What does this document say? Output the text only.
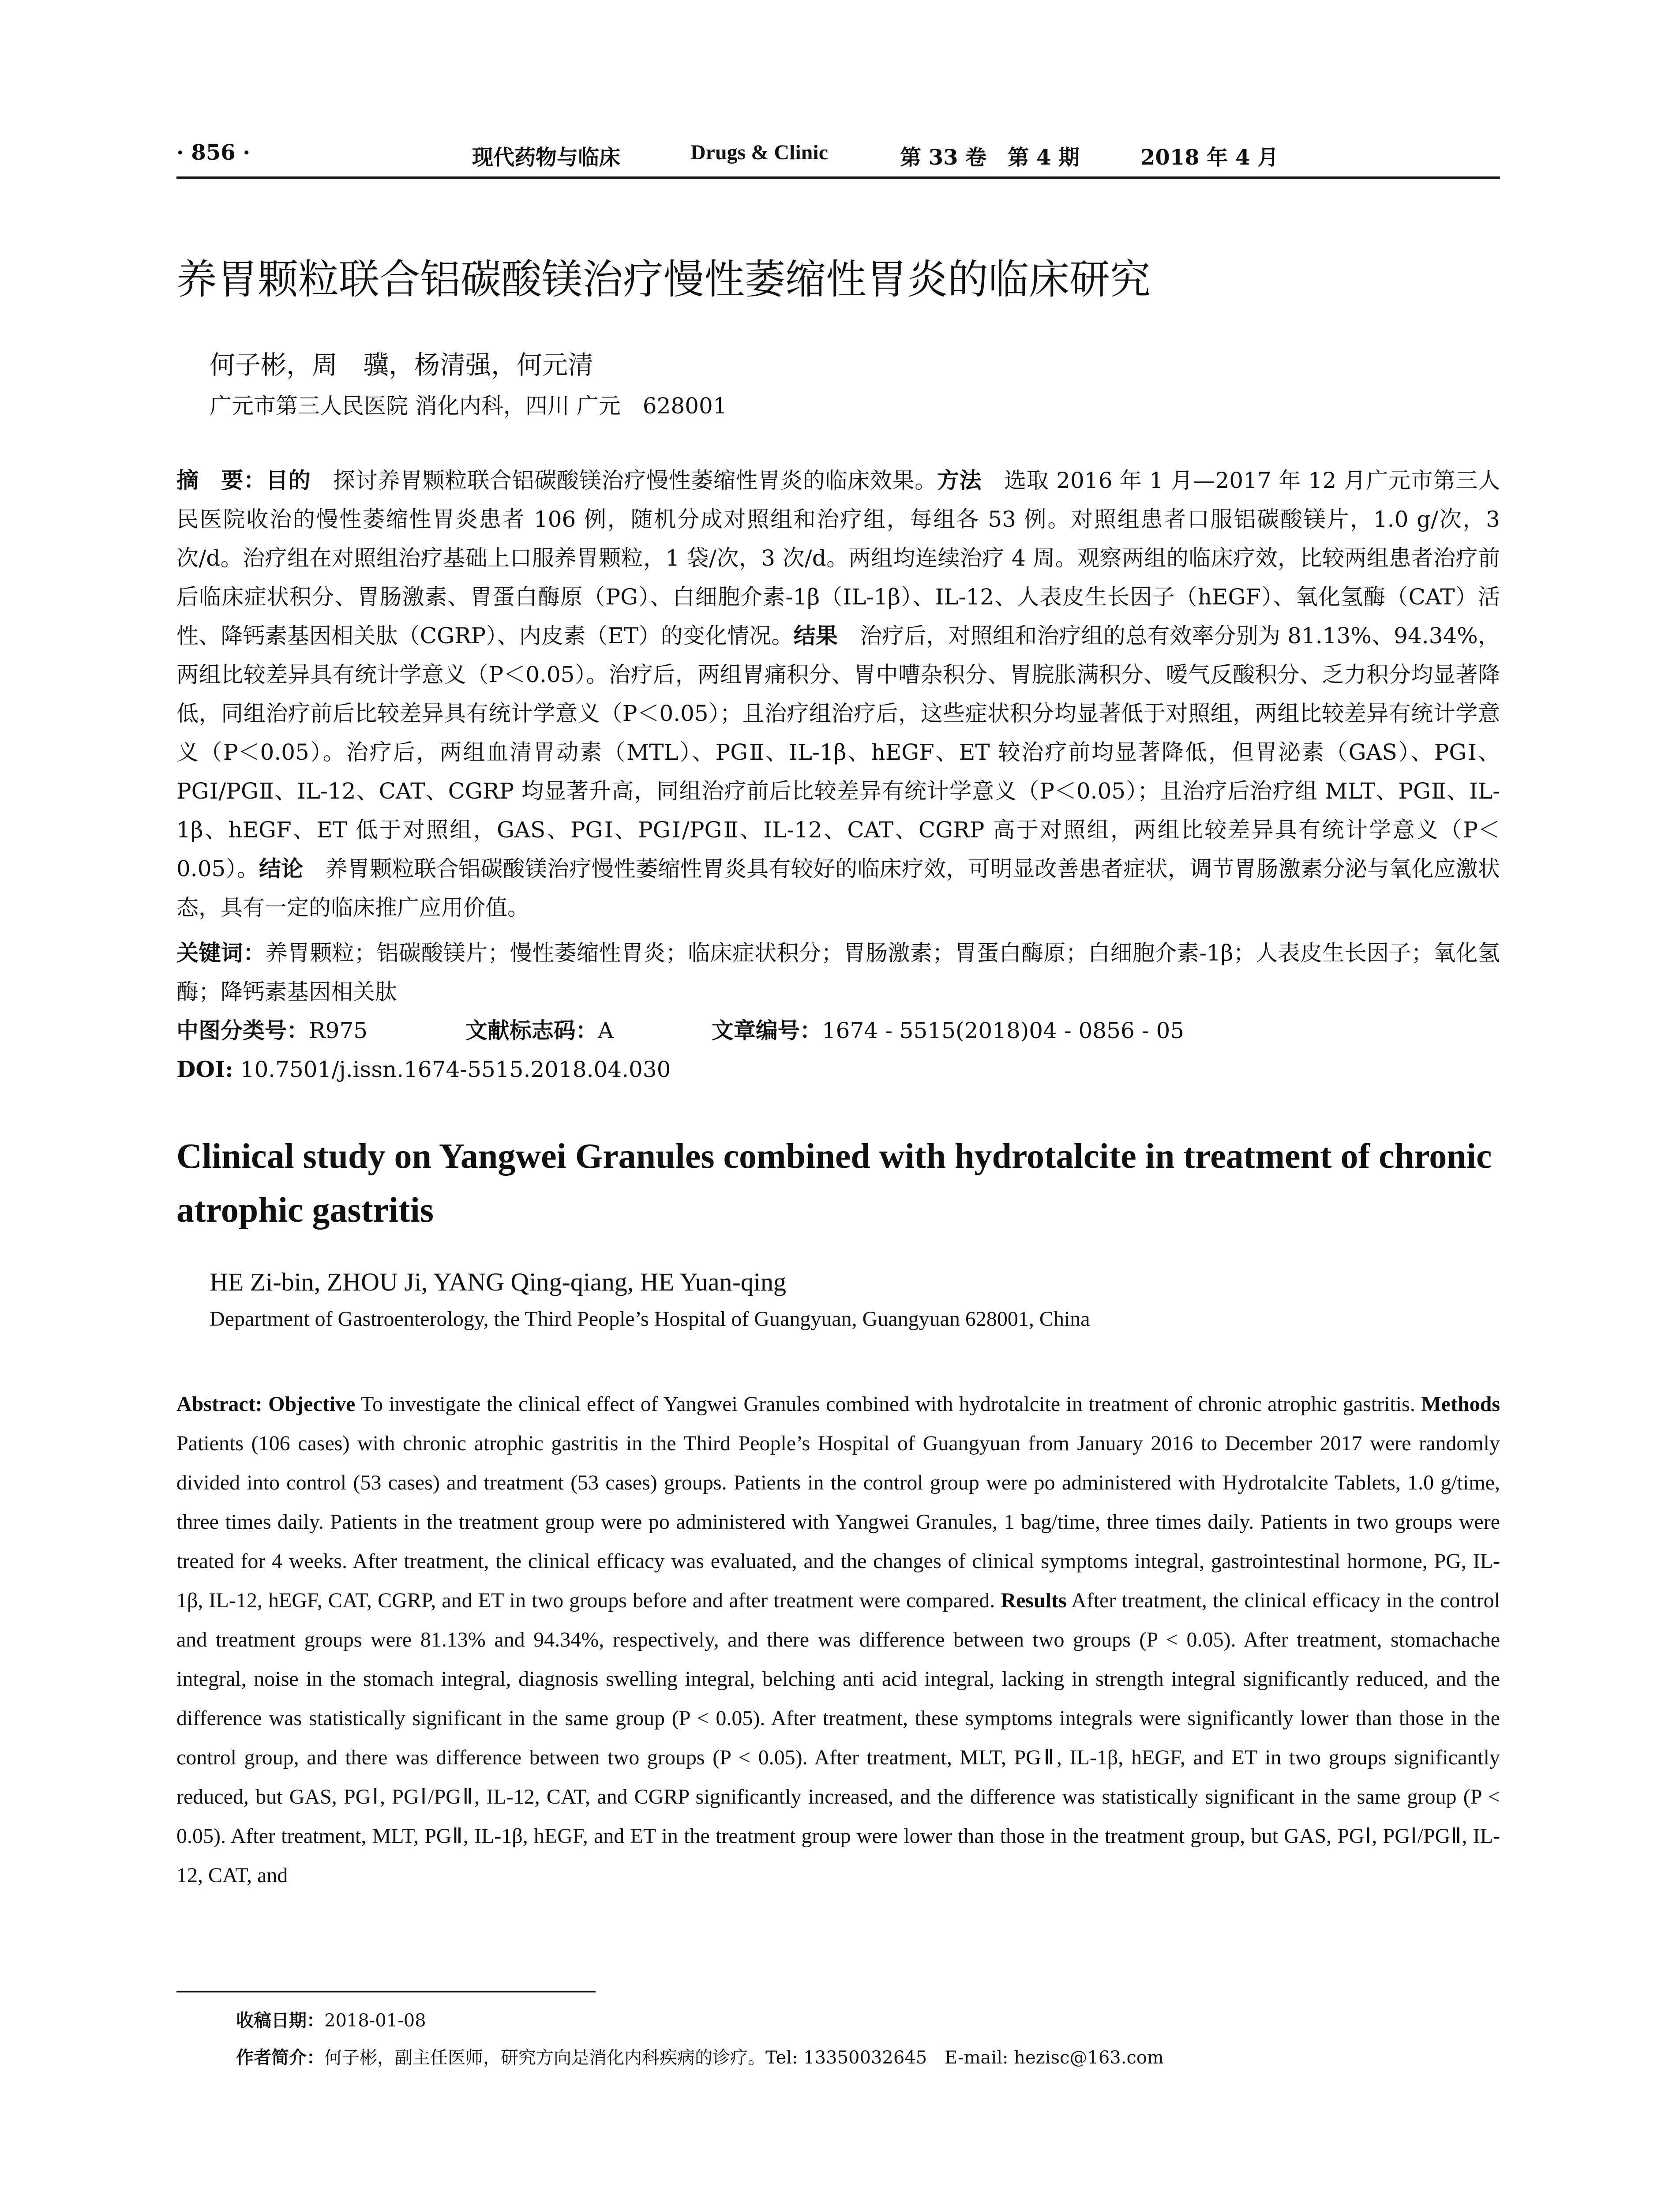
· 856 ·	现代药物与临床	Drugs & Clinic	第 33 卷　第 4 期	2018 年 4 月
养胃颗粒联合铝碳酸镁治疗慢性萎缩性胃炎的临床研究
何子彬，周　骥，杨清强，何元清
广元市第三人民医院 消化内科，四川 广元　628001
摘　要：目的　探讨养胃颗粒联合铝碳酸镁治疗慢性萎缩性胃炎的临床效果。方法　选取 2016 年 1 月—2017 年 12 月广元市第三人民医院收治的慢性萎缩性胃炎患者 106 例，随机分成对照组和治疗组，每组各 53 例。对照组患者口服铝碳酸镁片，1.0 g/次，3 次/d。治疗组在对照组治疗基础上口服养胃颗粒，1 袋/次，3 次/d。两组均连续治疗 4 周。观察两组的临床疗效，比较两组患者治疗前后临床症状积分、胃肠激素、胃蛋白酶原（PG）、白细胞介素-1β（IL-1β）、IL-12、人表皮生长因子（hEGF）、氧化氢酶（CAT）活性、降钙素基因相关肽（CGRP）、内皮素（ET）的变化情况。结果　治疗后，对照组和治疗组的总有效率分别为 81.13%、94.34%，两组比较差异具有统计学意义（P＜0.05）。治疗后，两组胃痛积分、胃中嘈杂积分、胃脘胀满积分、嗳气反酸积分、乏力积分均显著降低，同组治疗前后比较差异具有统计学意义（P＜0.05）；且治疗组治疗后，这些症状积分均显著低于对照组，两组比较差异有统计学意义（P＜0.05）。治疗后，两组血清胃动素（MTL）、PGⅡ、IL-1β、hEGF、ET 较治疗前均显著降低，但胃泌素（GAS）、PGⅠ、PGⅠ/PGⅡ、IL-12、CAT、CGRP 均显著升高，同组治疗前后比较差异有统计学意义（P＜0.05）；且治疗后治疗组 MLT、PGⅡ、IL-1β、hEGF、ET 低于对照组，GAS、PGⅠ、PGⅠ/PGⅡ、IL-12、CAT、CGRP 高于对照组，两组比较差异具有统计学意义（P＜0.05）。结论　养胃颗粒联合铝碳酸镁治疗慢性萎缩性胃炎具有较好的临床疗效，可明显改善患者症状，调节胃肠激素分泌与氧化应激状态，具有一定的临床推广应用价值。
关键词：养胃颗粒；铝碳酸镁片；慢性萎缩性胃炎；临床症状积分；胃肠激素；胃蛋白酶原；白细胞介素-1β；人表皮生长因子；氧化氢酶；降钙素基因相关肽
中图分类号：R975	文献标志码：A	文章编号：1674 - 5515(2018)04 - 0856 - 05
DOI: 10.7501/j.issn.1674-5515.2018.04.030
Clinical study on Yangwei Granules combined with hydrotalcite in treatment of chronic atrophic gastritis
HE Zi-bin, ZHOU Ji, YANG Qing-qiang, HE Yuan-qing
Department of Gastroenterology, the Third People’s Hospital of Guangyuan, Guangyuan 628001, China
Abstract: Objective To investigate the clinical effect of Yangwei Granules combined with hydrotalcite in treatment of chronic atrophic gastritis. Methods Patients (106 cases) with chronic atrophic gastritis in the Third People’s Hospital of Guangyuan from January 2016 to December 2017 were randomly divided into control (53 cases) and treatment (53 cases) groups. Patients in the control group were po administered with Hydrotalcite Tablets, 1.0 g/time, three times daily. Patients in the treatment group were po administered with Yangwei Granules, 1 bag/time, three times daily. Patients in two groups were treated for 4 weeks. After treatment, the clinical efficacy was evaluated, and the changes of clinical symptoms integral, gastrointestinal hormone, PG, IL-1β, IL-12, hEGF, CAT, CGRP, and ET in two groups before and after treatment were compared. Results After treatment, the clinical efficacy in the control and treatment groups were 81.13% and 94.34%, respectively, and there was difference between two groups (P < 0.05). After treatment, stomachache integral, noise in the stomach integral, diagnosis swelling integral, belching anti acid integral, lacking in strength integral significantly reduced, and the difference was statistically significant in the same group (P < 0.05). After treatment, these symptoms integrals were significantly lower than those in the control group, and there was difference between two groups (P < 0.05). After treatment, MLT, PGⅡ, IL-1β, hEGF, and ET in two groups significantly reduced, but GAS, PGⅠ, PGⅠ/PGⅡ, IL-12, CAT, and CGRP significantly increased, and the difference was statistically significant in the same group (P < 0.05). After treatment, MLT, PGⅡ, IL-1β, hEGF, and ET in the treatment group were lower than those in the treatment group, but GAS, PGⅠ, PGⅠ/PGⅡ, IL-12, CAT, and
收稿日期：2018-01-08
作者简介：何子彬，副主任医师，研究方向是消化内科疾病的诊疗。Tel: 13350032645　E-mail: hezisc@163.com
